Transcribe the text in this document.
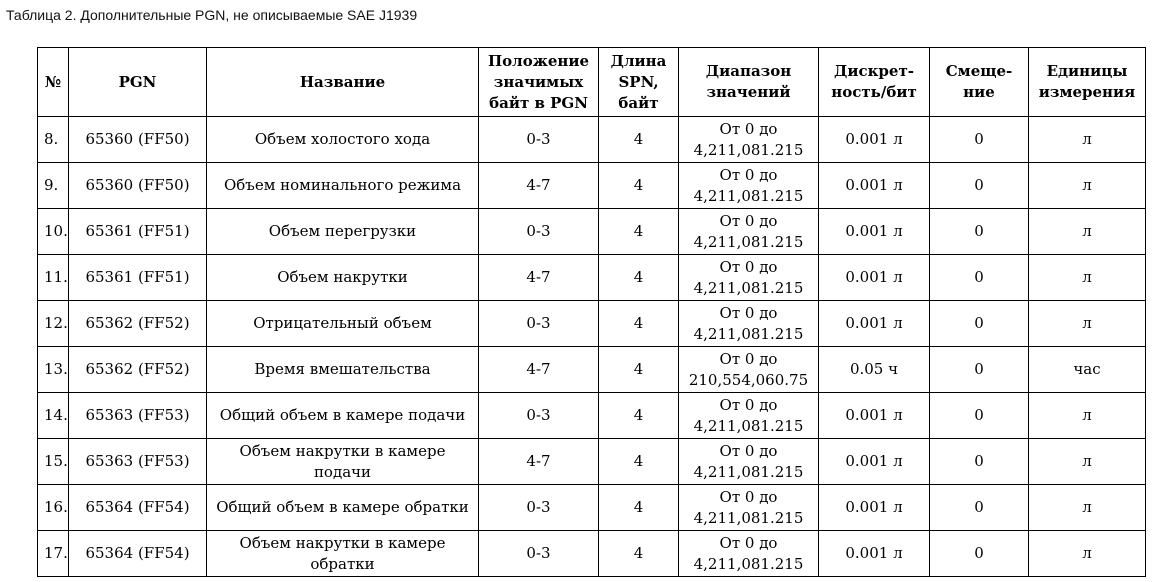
Таблица 2. Дополнительные PGN, не описываемые SAE J1939
№	PGN	Название	Положение значимых байт в PGN	Длина SPN, байт	Диапазон значений	Дискрет-ность/бит	Смеще-ние	Единицы измерения
8.	65360 (FF50)	Объем холостого хода	0-3	4	От 0 до 4,211,081.215	0.001 л	0	л
9.	65360 (FF50)	Объем номинального режима	4-7	4	От 0 до 4,211,081.215	0.001 л	0	л
10.	65361 (FF51)	Объем перегрузки	0-3	4	От 0 до 4,211,081.215	0.001 л	0	л
11.	65361 (FF51)	Объем накрутки	4-7	4	От 0 до 4,211,081.215	0.001 л	0	л
12.	65362 (FF52)	Отрицательный объем	0-3	4	От 0 до 4,211,081.215	0.001 л	0	л
13.	65362 (FF52)	Время вмешательства	4-7	4	От 0 до 210,554,060.75	0.05 ч	0	час
14.	65363 (FF53)	Общий объем в камере подачи	0-3	4	От 0 до 4,211,081.215	0.001 л	0	л
15.	65363 (FF53)	Объем накрутки в камере подачи	4-7	4	От 0 до 4,211,081.215	0.001 л	0	л
16.	65364 (FF54)	Общий объем в камере обратки	0-3	4	От 0 до 4,211,081.215	0.001 л	0	л
17.	65364 (FF54)	Объем накрутки в камере обратки	0-3	4	От 0 до 4,211,081.215	0.001 л	0	л
